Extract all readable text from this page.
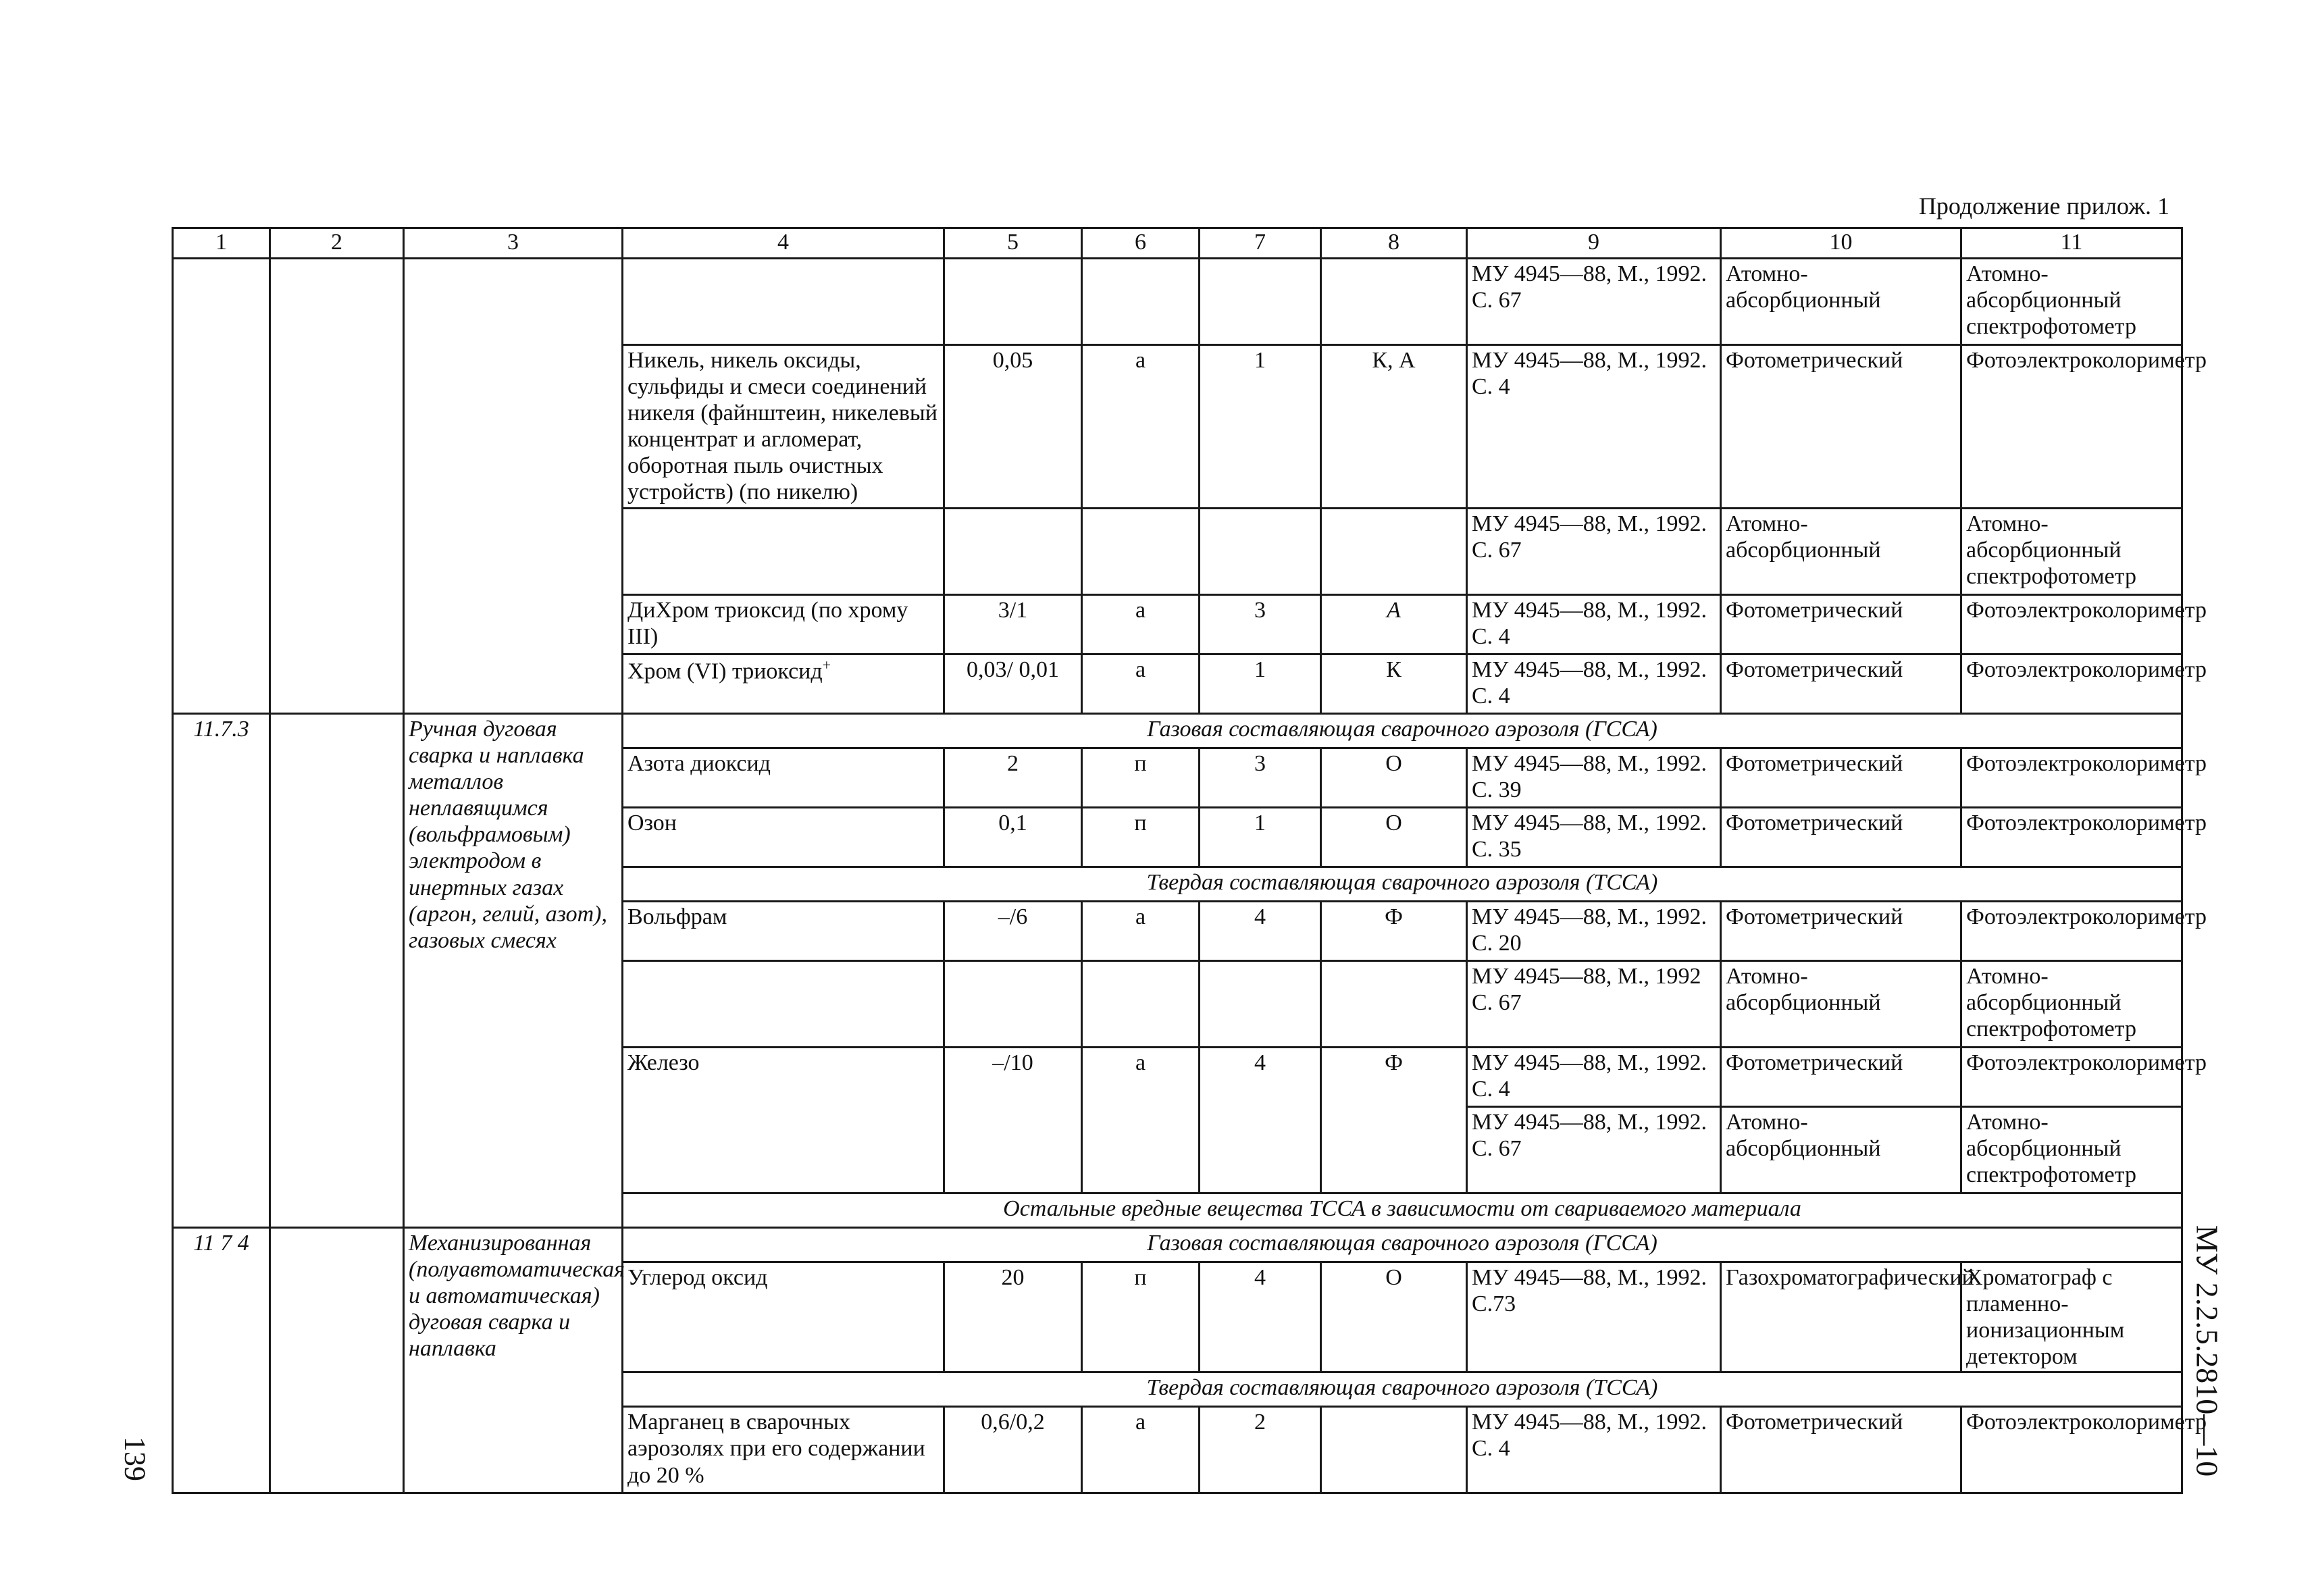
Продолжение прилож. 1
1	2	3	4	5	6	7	8	9	10	11
								МУ 4945—88, М., 1992. С. 67	Атомно-абсорбционный	Атомно-абсорбционный спектрофотометр
			Никель, никель оксиды, сульфиды и смеси соединений никеля (файнштеин, никелевый концентрат и агломерат, оборотная пыль очистных устройств) (по никелю)	0,05	а	1	К, А	МУ 4945—88, М., 1992. С. 4	Фотометрический	Фотоэлектроколориметр
								МУ 4945—88, М., 1992. С. 67	Атомно-абсорбционный	Атомно-абсорбционный спектрофотометр
			ДиХром триоксид (по хрому III)	3/1	а	3	А	МУ 4945—88, М., 1992. С. 4	Фотометрический	Фотоэлектроколориметр
			Хром (VI) триоксид+	0,03/ 0,01	а	1	К	МУ 4945—88, М., 1992. С. 4	Фотометрический	Фотоэлектроколориметр
11.7.3		Ручная дуговая сварка и наплавка металлов неплавящимся (вольфрамовым) электродом в инертных газах (аргон, гелий, азот), газовых смесях	Газовая составляющая сварочного аэрозоля (ГССА)							
			Азота диоксид	2	п	3	О	МУ 4945—88, М., 1992. С. 39	Фотометрический	Фотоэлектроколориметр
			Озон	0,1	п	1	О	МУ 4945—88, М., 1992. С. 35	Фотометрический	Фотоэлектроколориметр
			Твердая составляющая сварочного аэрозоля (ТССА)							
			Вольфрам	–/6	а	4	Ф	МУ 4945—88, М., 1992. С. 20	Фотометрический	Фотоэлектроколориметр
								МУ 4945—88, М., 1992 С. 67	Атомно-абсорбционный	Атомно-абсорбционный спектрофотометр
			Железо	–/10	а	4	Ф	МУ 4945—88, М., 1992. С. 4	Фотометрический	Фотоэлектроколориметр
								МУ 4945—88, М., 1992. С. 67	Атомно-абсорбционный	Атомно-абсорбционный спектрофотометр
			Остальные вредные вещества ТССА в зависимости от свариваемого материала							
11 7 4		Механизированная (полуавтоматическая и автоматическая) дуговая сварка и наплавка	Газовая составляющая сварочного аэрозоля (ГССА)							
			Углерод оксид	20	п	4	О	МУ 4945—88, М., 1992. С.73	Газохроматографический	Хроматограф с пламенно-ионизационным детектором
			Твердая составляющая сварочного аэрозоля (ТССА)							
			Марганец в сварочных аэрозолях при его содержании до 20 %	0,6/0,2	а	2		МУ 4945—88, М., 1992. С. 4	Фотометрический	Фотоэлектроколориметр
МУ 2.2.5.2810—10
139
